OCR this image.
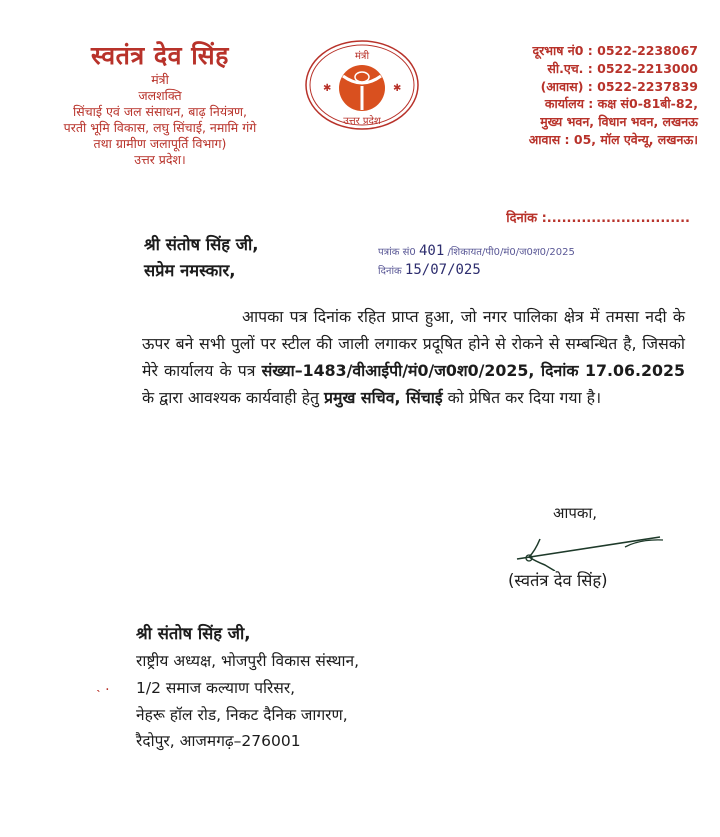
स्वतंत्र देव सिंह
मंत्री
जलशक्ति
सिंचाई एवं जल संसाधन, बाढ़ नियंत्रण,
परती भूमि विकास, लघु सिंचाई, नमामि गंगे
तथा ग्रामीण जलापूर्ति विभाग)
उत्तर प्रदेश।
✱	✱
मंत्री
उत्तर प्रदेश
दूरभाष नं0 : 0522-2238067
सी.एच. : 0522-2213000
(आवास) : 0522-2237839
कार्यालय : कक्ष सं0-81बी-82,
मुख्य भवन, विधान भवन, लखनऊ
आवास : 05, मॉल एवेन्यू, लखनऊ।
दिनांक :.............................
श्री संतोष सिंह जी,
सप्रेम नमस्कार,
पत्रांक सं0 401 /शिकायत/पी0/मं0/ज0श0/2025
दिनांक 15/07/025

आपका पत्र दिनांक रहित प्राप्त हुआ, जो नगर पालिका क्षेत्र में तमसा नदी के ऊपर बने सभी पुलों पर स्टील की जाली लगाकर प्रदूषित होने से रोकने से सम्बन्धित है, जिसको मेरे कार्यालय के पत्र संख्या–1483/वीआईपी/मं0/ज0श0/2025, दिनांक 17.06.2025 के द्वारा आवश्यक कार्यवाही हेतु प्रमुख सचिव, सिंचाई को प्रेषित कर दिया गया है।

आपका,
(स्वतंत्र देव सिंह)
˴ ·
श्री संतोष सिंह जी,
राष्ट्रीय अध्यक्ष, भोजपुरी विकास संस्थान,
1/2 समाज कल्याण परिसर,
नेहरू हॉल रोड, निकट दैनिक जागरण,
रैदोपुर, आजमगढ़–276001
